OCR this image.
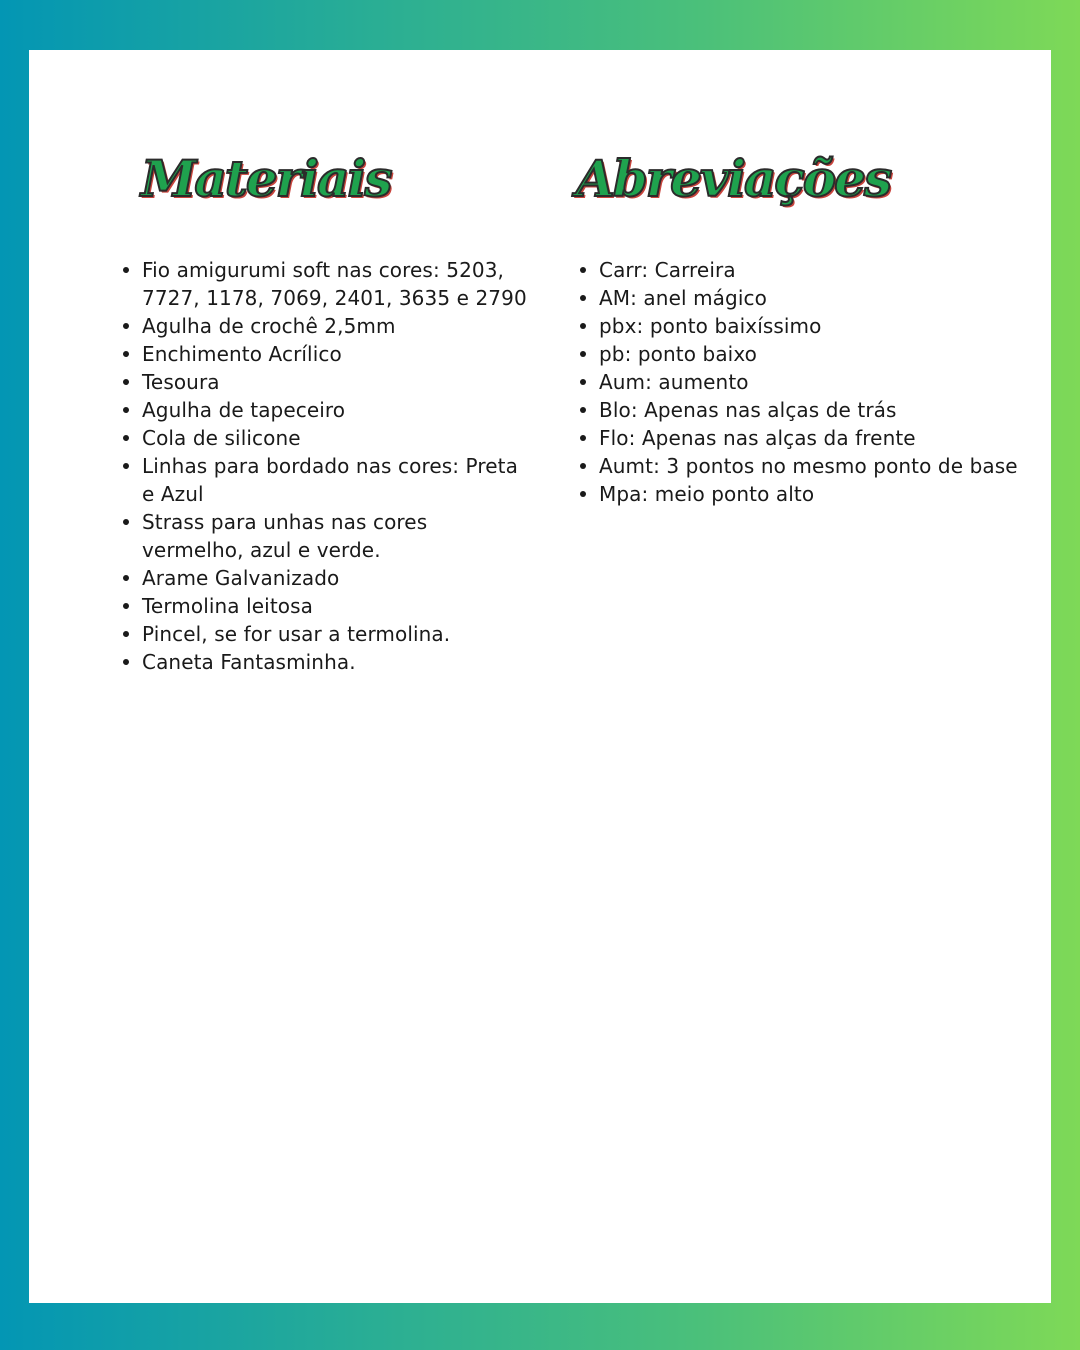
Materiais
Fio amigurumi soft nas cores: 5203, 7727, 1178, 7069, 2401, 3635 e 2790
Agulha de crochê 2,5mm
Enchimento Acrílico
Tesoura
Agulha de tapeceiro
Cola de silicone
Linhas para bordado nas cores: Preta e Azul
Strass para unhas nas cores vermelho, azul e verde.
Arame Galvanizado
Termolina leitosa
Pincel, se for usar a termolina.
Caneta Fantasminha.
Abreviações
Carr: Carreira
AM: anel mágico
pbx: ponto baixíssimo
pb: ponto baixo
Aum: aumento
Blo: Apenas nas alças de trás
Flo: Apenas nas alças da frente
Aumt: 3 pontos no mesmo ponto de base
Mpa: meio ponto alto
